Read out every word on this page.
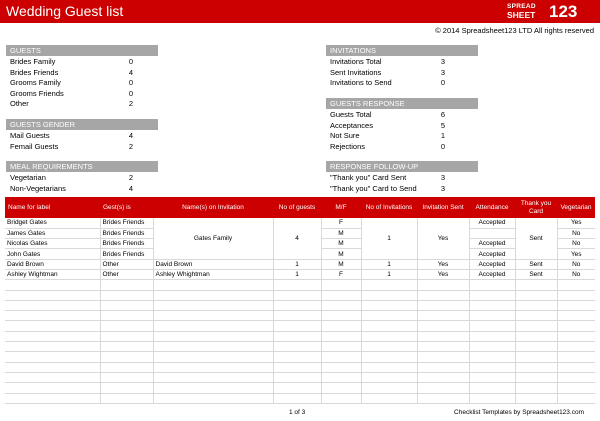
Wedding Guest list	SPREAD
SHEET 123
© 2014 Spreadsheet123 LTD All rights reserved
GUESTS
Brides Family	0
Brides Friends	4
Grooms Family	0
Grooms Friends	0
Other	2
GUESTS GENDER
Mail Guests	4
Femail Guests	2
MEAL REQUIREMENTS
Vegetarian	2
Non-Vegetarians	4
INVITATIONS
Invitations Total	3
Sent Invitations	3
Invitations to Send	0
GUESTS RESPONSE
Guests Total	6
Acceptances	5
Not Sure	1
Rejections	0
RESPONSE FOLLOW-UP
"Thank you" Card Sent	3
"Thank you" Card to Send	3
Name for label	Gest(s) is	Name(s) on Invitation	No of guests	M/F	No of Invitations	Invitation Sent	Attendance	Thank you Card	Vegetarian
Bridget Gates	Brides Friends	Gates Family	4	F	1	Yes	Accepted	Sent	Yes
James Gates	Brides Friends			M					No
Nicolas Gates	Brides Friends			M			Accepted		No
John Gates	Brides Friends			M			Accepted		Yes
David Brown	Other	David Brown	1	M	1	Yes	Accepted	Sent	No
Ashley Wightman	Other	Ashley Whightman	1	F	1	Yes	Accepted	Sent	No

1 of 3	Checklist Templates by Spreadsheet123.com
